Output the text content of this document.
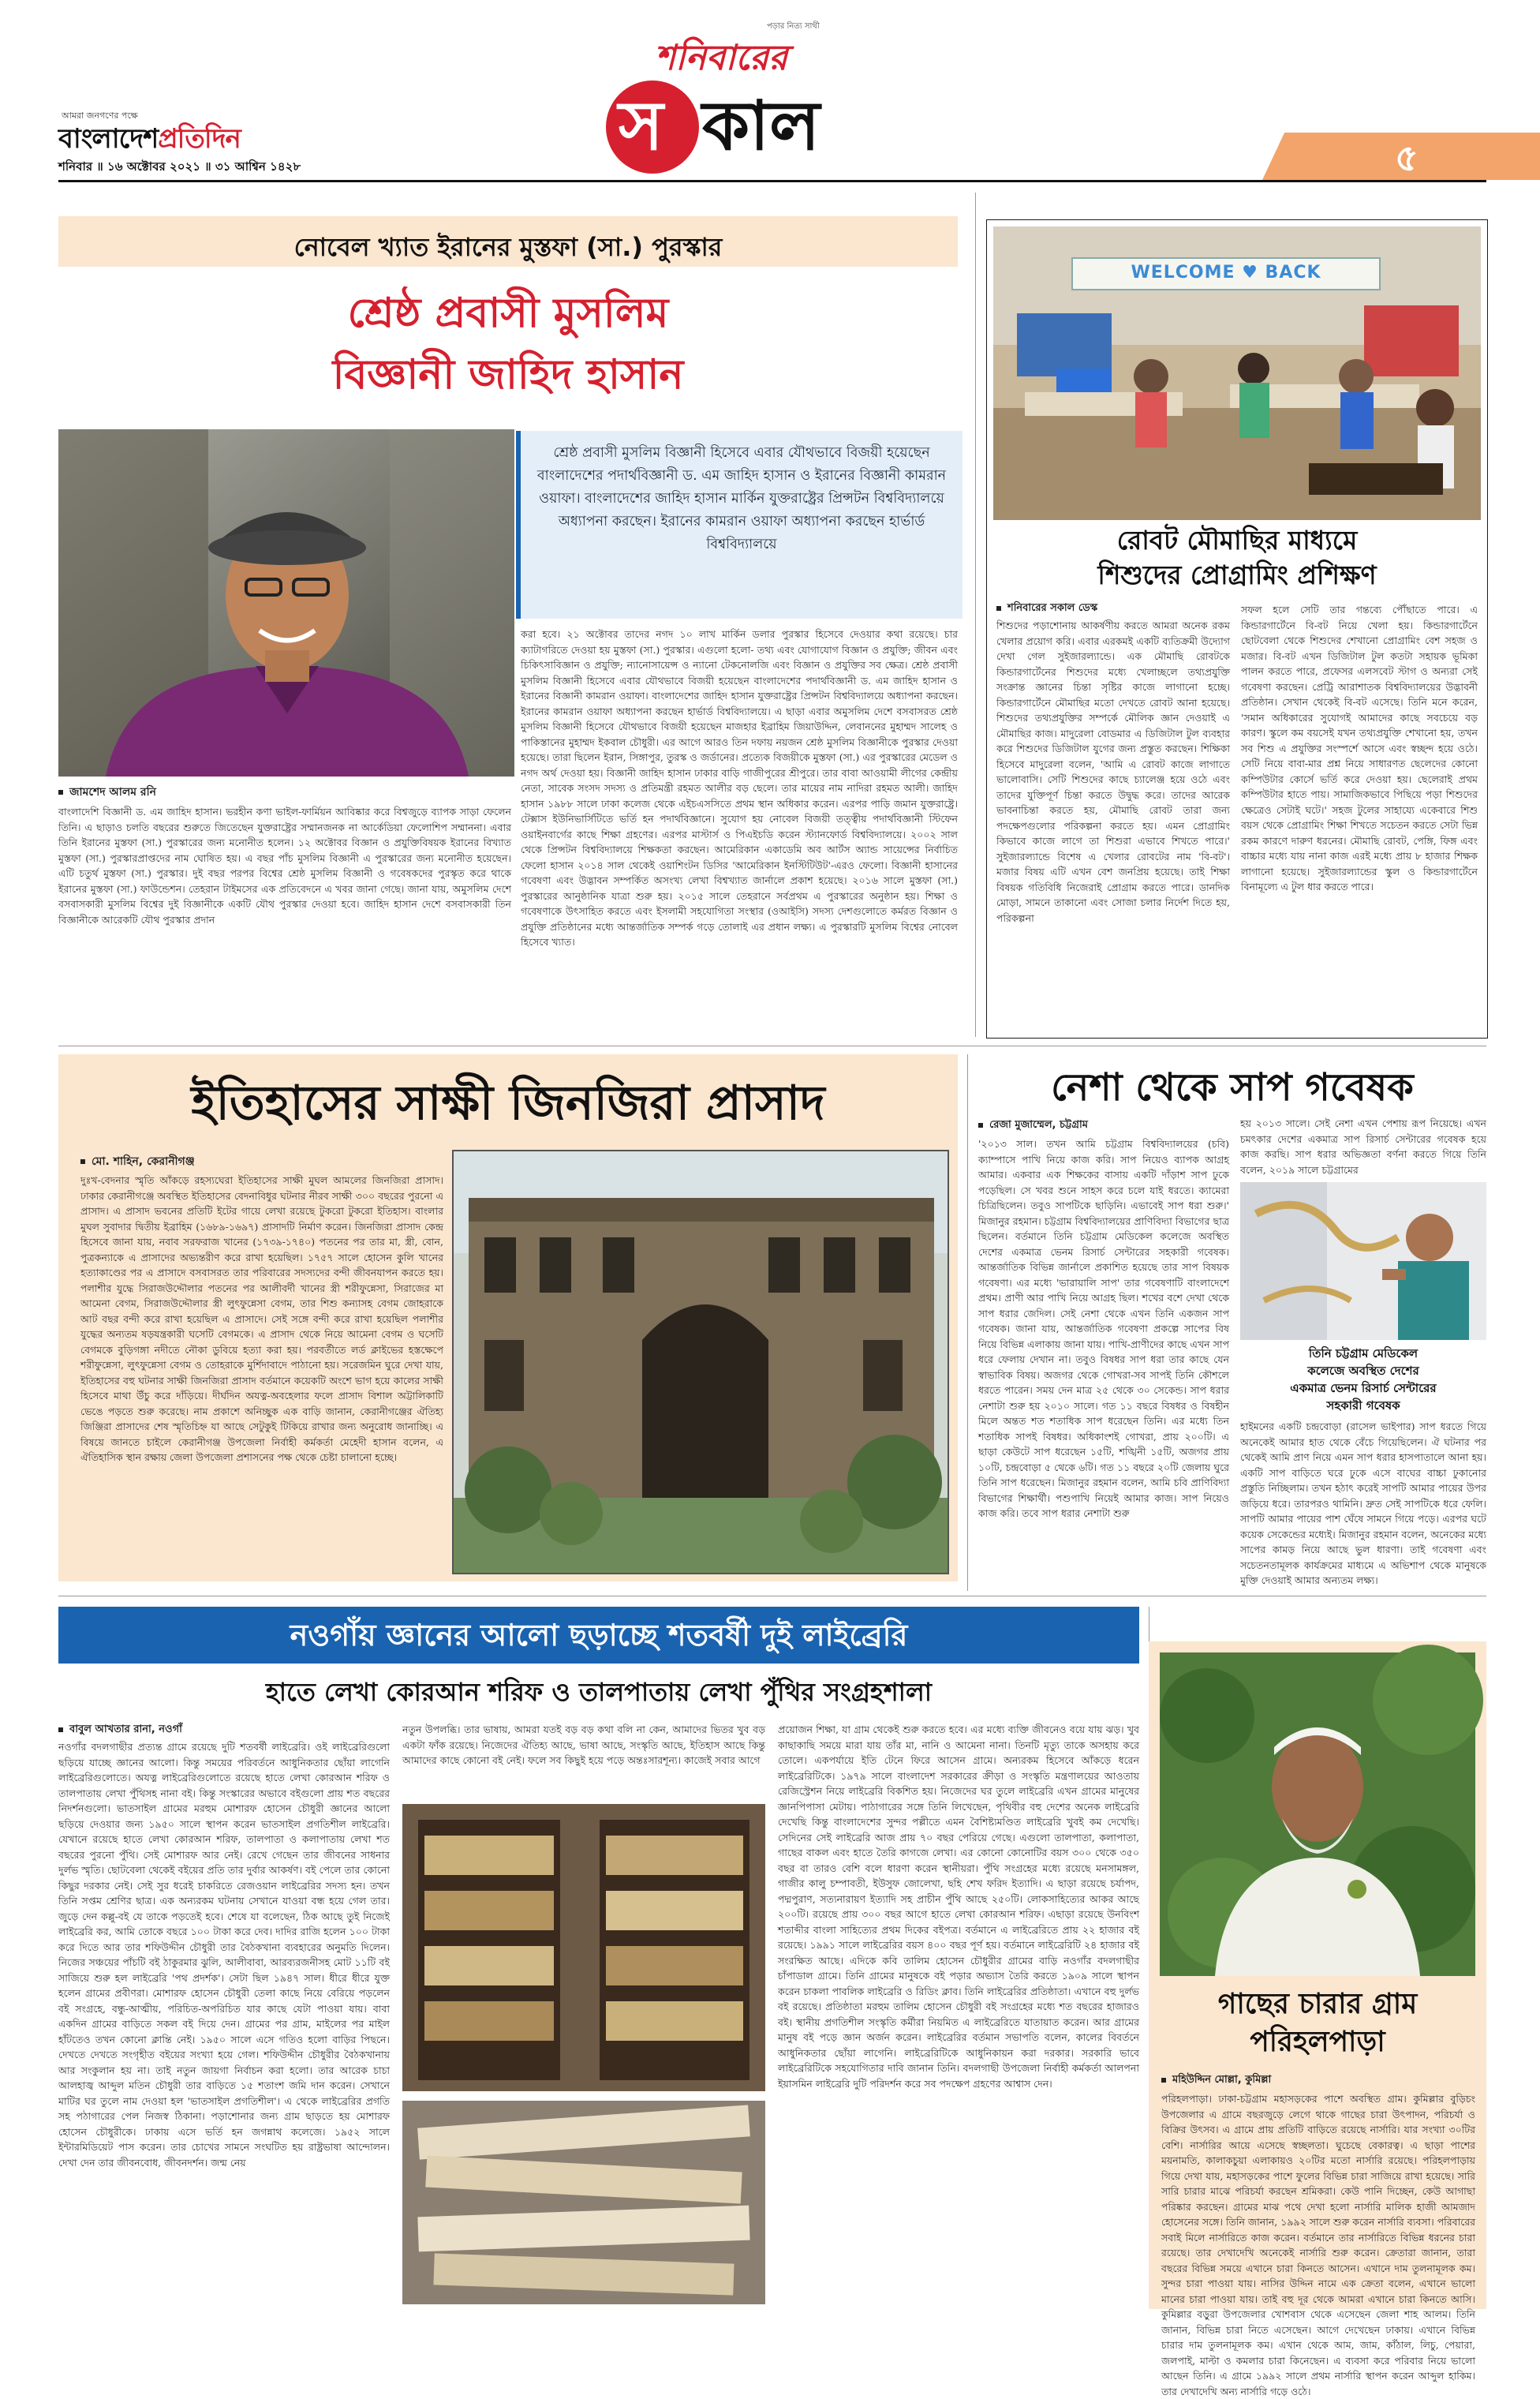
আমরা জনগণের পক্ষে
বাংলাদেশপ্রতিদিন
শনিবার ॥ ১৬ অক্টোবর ২০২১ ॥ ৩১ আশ্বিন ১৪২৮
পড়ার নিত্য সাথী
শনিবারের
স কাল	৫
নোবেল খ্যাত ইরানের মুস্তফা (সা.) পুরস্কার
শ্রেষ্ঠ প্রবাসী মুসলিম
বিজ্ঞানী জাহিদ হাসান
জামশেদ আলম রনি
শ্রেষ্ঠ প্রবাসী মুসলিম বিজ্ঞানী হিসেবে এবার যৌথভাবে বিজয়ী হয়েছেন বাংলাদেশের পদার্থবিজ্ঞানী ড. এম জাহিদ হাসান ও ইরানের বিজ্ঞানী কামরান ওয়াফা। বাংলাদেশের জাহিদ হাসান মার্কিন যুক্তরাষ্ট্রের প্রিন্সটন বিশ্ববিদ্যালয়ে অধ্যাপনা করছেন। ইরানের কামরান ওয়াফা অধ্যাপনা করছেন হার্ভার্ড বিশ্ববিদ্যালয়ে
করা হবে। ২১ অক্টোবর তাদের নগদ ১০ লাখ মার্কিন ডলার পুরস্কার হিসেবে দেওয়ার কথা রয়েছে। চার ক্যাটাগরিতে দেওয়া হয় মুস্তফা (সা.) পুরস্কার। এগুলো হলো- তথ্য এবং যোগাযোগ বিজ্ঞান ও প্রযুক্তি; জীবন এবং চিকিৎসাবিজ্ঞান ও প্রযুক্তি; ন্যানোসায়েন্স ও ন্যানো টেকনোলজি এবং বিজ্ঞান ও প্রযুক্তির সব ক্ষেত্র। শ্রেষ্ঠ প্রবাসী মুসলিম বিজ্ঞানী হিসেবে এবার যৌথভাবে বিজয়ী হয়েছেন বাংলাদেশের পদার্থবিজ্ঞানী ড. এম জাহিদ হাসান ও ইরানের বিজ্ঞানী কামরান ওয়াফা। বাংলাদেশের জাহিদ হাসান যুক্তরাষ্ট্রের প্রিন্সটন বিশ্ববিদ্যালয়ে অধ্যাপনা করছেন। ইরানের কামরান ওয়াফা অধ্যাপনা করছেন হার্ভার্ড বিশ্ববিদ্যালয়ে। এ ছাড়া এবার অমুসলিম দেশে বসবাসরত শ্রেষ্ঠ মুসলিম বিজ্ঞানী হিসেবে যৌথভাবে বিজয়ী হয়েছেন মাজহার ইব্রাহিম জিয়াউদ্দিন, লেবাননের মুহাম্মদ সালেহ ও পাকিস্তানের মুহাম্মদ ইকবাল চৌধুরী। এর আগে আরও তিন দফায় নয়জন শ্রেষ্ঠ মুসলিম বিজ্ঞানীকে পুরস্কার দেওয়া হয়েছে। তারা ছিলেন ইরান, সিঙ্গাপুর, তুরস্ক ও জর্ডানের। প্রত্যেক বিজয়ীকে মুস্তফা (সা.) এর পুরস্কারের মেডেল ও নগদ অর্থ দেওয়া হয়। বিজ্ঞানী জাহিদ হাসান ঢাকার বাড়ি গাজীপুরের শ্রীপুরে। তার বাবা আওয়ামী লীগের কেন্দ্রীয় নেতা, সাবেক সংসদ সদস্য ও প্রতিমন্ত্রী রহমত আলীর বড় ছেলে। তার মায়ের নাম নাদিরা রহমত আলী। জাহিদ হাসান ১৯৮৮ সালে ঢাকা কলেজ থেকে এইচএসসিতে প্রথম স্থান অধিকার করেন। এরপর পাড়ি জমান যুক্তরাষ্ট্রে। টেক্সাস ইউনিভার্সিটিতে ভর্তি হন পদার্থবিজ্ঞানে। সুযোগ হয় নোবেল বিজয়ী তত্ত্বীয় পদার্থবিজ্ঞানী স্টিফেন ওয়াইনবার্গের কাছে শিক্ষা গ্রহণের। এরপর মাস্টার্স ও পিএইচডি করেন স্ট্যানফোর্ড বিশ্ববিদ্যালয়ে। ২০০২ সাল থেকে প্রিন্সটন বিশ্ববিদ্যালয়ে শিক্ষকতা করছেন। আমেরিকান একাডেমি অব আর্টস অ্যান্ড সায়েন্সের নির্বাচিত ফেলো হাসান ২০১৪ সাল থেকেই ওয়াশিংটন ডিসির 'আমেরিকান ইনস্টিটিউট'-এরও ফেলো। বিজ্ঞানী হাসানের গবেষণা এবং উদ্ভাবন সম্পর্কিত অসংখ্য লেখা বিশ্বখ্যাত জার্নালে প্রকাশ হয়েছে। ২০১৬ সালে মুস্তফা (সা.) পুরস্কারের আনুষ্ঠানিক যাত্রা শুরু হয়। ২০১৫ সালে তেহরানে সর্বপ্রথম এ পুরস্কারের অনুষ্ঠান হয়। শিক্ষা ও গবেষণাকে উৎসাহিত করতে এবং ইসলামী সহযোগিতা সংস্থার (ওআইসি) সদস্য দেশগুলোতে কর্মরত বিজ্ঞান ও প্রযুক্তি প্রতিষ্ঠানের মধ্যে আন্তর্জাতিক সম্পর্ক গড়ে তোলাই এর প্রধান লক্ষ্য। এ পুরস্কারটি মুসলিম বিশ্বের নোবেল হিসেবে খ্যাত।
বাংলাদেশি বিজ্ঞানী ড. এম জাহিদ হাসান। ভরহীন কণা ভাইল-ফার্মিয়ন আবিষ্কার করে বিশ্বজুড়ে ব্যাপক সাড়া ফেলেন তিনি। এ ছাড়াও চলতি বছরের শুরুতে জিতেছেন যুক্তরাষ্ট্রের সম্মানজনক না আর্কেডিয়া ফেলোশিপ সম্মাননা। এবার তিনি ইরানের মুস্তফা (সা.) পুরস্কারের জন্য মনোনীত হলেন। ১২ অক্টোবর বিজ্ঞান ও প্রযুক্তিবিষয়ক ইরানের বিখ্যাত মুস্তফা (সা.) পুরস্কারপ্রাপ্তদের নাম ঘোষিত হয়। এ বছর পাঁচ মুসলিম বিজ্ঞানী এ পুরস্কারের জন্য মনোনীত হয়েছেন। এটি চতুর্থ মুস্তফা (সা.) পুরস্কার। দুই বছর পরপর বিশ্বের শ্রেষ্ঠ মুসলিম বিজ্ঞানী ও গবেষকদের পুরস্কৃত করে থাকে ইরানের মুস্তফা (সা.) ফাউন্ডেশন। তেহরান টাইমসের এক প্রতিবেদনে এ খবর জানা গেছে। জানা যায়, অমুসলিম দেশে বসবাসকারী মুসলিম বিশ্বের দুই বিজ্ঞানীকে একটি যৌথ পুরস্কার দেওয়া হবে। জাহিদ হাসান দেশে বসবাসকারী তিন বিজ্ঞানীকে আরেকটি যৌথ পুরস্কার প্রদান
WELCOME ♥ BACK
রোবট মৌমাছির মাধ্যমে
শিশুদের প্রোগ্রামিং প্রশিক্ষণ
শনিবারের সকাল ডেস্ক
শিশুদের পড়াশোনায় আকর্ষণীয় করতে আমরা অনেক রকম খেলার প্রয়োগ করি। এবার এরকমই একটি ব্যতিক্রমী উদ্যোগ দেখা গেল সুইজারল্যান্ডে। এক মৌমাছি রোবটকে কিন্ডারগার্টেনের শিশুদের মধ্যে খেলাচ্ছলে তথ্যপ্রযুক্তি সংক্রান্ত জ্ঞানের চিন্তা সৃষ্টির কাজে লাগানো হচ্ছে। কিন্ডারগার্টেনে মৌমাছির মতো দেখতে রোবট আনা হয়েছে। শিশুদের তথ্যপ্রযুক্তির সম্পর্কে মৌলিক জ্ঞান দেওয়াই এ মৌমাছির কাজ। মাদুরেলা বোডমার এ ডিজিটাল টুল ব্যবহার করে শিশুদের ডিজিটাল যুগের জন্য প্রস্তুত করছেন। শিক্ষিকা হিসেবে মাদুরেলা বলেন, 'আমি এ রোবট কাজে লাগাতে ভালোবাসি। সেটি শিশুদের কাছে চ্যালেঞ্জ হয়ে ওঠে এবং তাদের যুক্তিপূর্ণ চিন্তা করতে উদ্বুদ্ধ করে। তাদের আরেক ভাবনাচিন্তা করতে হয়, মৌমাছি রোবট তারা জন্য পদক্ষেপগুলোর পরিকল্পনা করতে হয়। এমন প্রোগ্রামিং কিভাবে কাজে লাগে তা শিশুরা এভাবে শিখতে পারে।' সুইজারল্যান্ডে বিশেষ এ খেলার রোবটের নাম 'বি-বট'। মজার বিষয় এটি এখন বেশ জনপ্রিয় হয়েছে। তাই শিক্ষা বিষয়ক গতিবিধি নিজেরাই প্রোগ্রাম করতে পারে। ডানদিক মোড়া, সামনে তাকানো এবং সোজা চলার নির্দেশ দিতে হয়, পরিকল্পনা
সফল হলে সেটি তার গন্তব্যে পৌঁছাতে পারে। এ কিন্ডারগার্টেনে বি-বট নিয়ে খেলা হয়। কিন্ডারগার্টেনে ছোটবেলা থেকে শিশুদের শেখানো প্রোগ্রামিং বেশ সহজ ও মজার। বি-বট এখন ডিজিটাল টুল কতটা সহায়ক ভূমিকা পালন করতে পারে, প্রফেসর এলসবেট স্টাগ ও অন্যরা সেই গবেষণা করছেন। প্রেট্রি আরাশাতক বিশ্ববিদ্যালয়ের উদ্ভাবনী প্রতিষ্ঠান। সেখান থেকেই বি-বট এসেছে। তিনি মনে করেন, 'সমান অধিকারের সুযোগই আমাদের কাছে সবচেয়ে বড় কারণ। স্কুলে কম বয়সেই যখন তথ্যপ্রযুক্তি শেখানো হয়, তখন সব শিশু এ প্রযুক্তির সংস্পর্শে আসে এবং স্বচ্ছন্দ হয়ে ওঠে। সেটি নিয়ে বাবা-মার প্রশ্ন নিয়ে সাধারণত ছেলেদের কোনো কম্পিউটার কোর্সে ভর্তি করে দেওয়া হয়। ছেলেরাই প্রথম কম্পিউটার হাতে পায়। সামাজিকভাবে পিছিয়ে পড়া শিশুদের ক্ষেত্রেও সেটাই ঘটে।' সহজ টুলের সাহায্যে একেবারে শিশু বয়স থেকে প্রোগ্রামিং শিক্ষা শিখতে সচেতন করতে সেটা ভিন্ন রকম কারণে দারুণ ধরনের। মৌমাছি রোবট, পেঙ্গি, ফিঙ্গ এবং বাচ্চার মধ্যে যায় নানা কাজ এরই মধ্যে প্রায় ৮ হাজার শিক্ষক লাগানো হয়েছে। সুইজারল্যান্ডের স্কুল ও কিন্ডারগার্টেনে বিনামূল্যে এ টুল ধার করতে পারে।
ইতিহাসের সাক্ষী জিনজিরা প্রাসাদ
মো. শাহিন, কেরানীগঞ্জ
দুঃখ-বেদনার স্মৃতি আঁকড়ে রহস্যঘেরা ইতিহাসের সাক্ষী মুঘল আমলের জিনজিরা প্রাসাদ। ঢাকার কেরানীগঞ্জে অবস্থিত ইতিহাসের বেদনাবিধুর ঘটনার নীরব সাক্ষী ৩০০ বছরের পুরনো এ প্রাসাদ। এ প্রাসাদ ভবনের প্রতিটি ইটের গায়ে লেখা রয়েছে টুকরো টুকরো ইতিহাস। বাংলার মুঘল সুবাদার দ্বিতীয় ইব্রাহিম (১৬৮৯-১৬৯৭) প্রাসাদটি নির্মাণ করেন। জিনজিরা প্রাসাদ কেন্দ্র হিসেবে জানা যায়, নবাব সরফরাজ খানের (১৭৩৯-১৭৪০) পতনের পর তার মা, স্ত্রী, বোন, পুত্রকন্যাকে এ প্রাসাদের অভ্যন্তরীণ করে রাখা হয়েছিল। ১৭৫৭ সালে হোসেন কুলি খানের হত্যাকাণ্ডের পর এ প্রাসাদে বসবাসরত তার পরিবারের সদস্যদের বন্দী জীবনযাপন করতে হয়। পলাশীর যুদ্ধে সিরাজউদ্দৌলার পতনের পর আলীবর্দী খানের স্ত্রী শরীফুন্নেসা, সিরাজের মা আমেনা বেগম, সিরাজউদ্দৌলার স্ত্রী লুৎফুন্নেসা বেগম, তার শিশু কন্যাসহ বেগম জোহরাকে আট বছর বন্দী করে রাখা হয়েছিল এ প্রাসাদে। সেই সঙ্গে বন্দী করে রাখা হয়েছিল পলাশীর যুদ্ধের অন্যতম ষড়যন্ত্রকারী ঘসেটি বেগমকে। এ প্রাসাদ থেকে নিয়ে আমেনা বেগম ও ঘসেটি বেগমকে বুড়িগঙ্গা নদীতে নৌকা ডুবিয়ে হত্যা করা হয়। পরবর্তীতে লর্ড ক্লাইভের হস্তক্ষেপে শরীফুন্নেসা, লুৎফুন্নেসা বেগম ও তোহরাকে মুর্শিদাবাদে পাঠানো হয়। সরেজমিন ঘুরে দেখা যায়, ইতিহাসের বহু ঘটনার সাক্ষী জিনজিরা প্রাসাদ বর্তমানে কয়েকটি অংশে ভাগ হয়ে কালের সাক্ষী হিসেবে মাথা উঁচু করে দাঁড়িয়ে। দীর্ঘদিন অযত্ন-অবহেলার ফলে প্রাসাদ বিশাল অট্টালিকাটি ভেঙে পড়তে শুরু করেছে। নাম প্রকাশে অনিচ্ছুক এক বাড়ি জানান, কেরানীগঞ্জের ঐতিহ্য জিঞ্জিরা প্রাসাদের শেষ স্মৃতিচিহ্ন যা আছে সেটুকুই টিকিয়ে রাখার জন্য অনুরোধ জানাচ্ছি। এ বিষয়ে জানতে চাইলে কেরানীগঞ্জ উপজেলা নির্বাহী কর্মকর্তা মেহেদী হাসান বলেন, এ ঐতিহাসিক স্থান রক্ষায় জেলা উপজেলা প্রশাসনের পক্ষ থেকে চেষ্টা চালানো হচ্ছে।
নেশা থেকে সাপ গবেষক
রেজা মুজাম্মেল, চট্টগ্রাম
'২০১৩ সাল। তখন আমি চট্টগ্রাম বিশ্ববিদ্যালয়ের (চবি) ক্যাম্পাসে পাখি নিয়ে কাজ করি। সাপ নিয়েও ব্যাপক আগ্রহ আমার। একবার এক শিক্ষকের বাসায় একটি দাঁড়াশ সাপ ঢুকে পড়েছিল। সে খবর শুনে সাহস করে চলে যাই ধরতে। ক্যামেরা চিত্রিছিলেন। তবুও সাপটিকে ছাড়িনি। এভাবেই সাপ ধরা শুরু।' মিজানুর রহমান। চট্টগ্রাম বিশ্ববিদ্যালয়ের প্রাণিবিদ্যা বিভাগের ছাত্র ছিলেন। বর্তমানে তিনি চট্টগ্রাম মেডিকেল কলেজে অবস্থিত দেশের একমাত্র ভেনম রিসার্চ সেন্টারের সহকারী গবেষক। আন্তর্জাতিক বিভিন্ন জার্নালে প্রকাশিত হয়েছে তার সাপ বিষয়ক গবেষণা। এর মধ্যে 'ভারায়ালি সাপ' তার গবেষণাটি বাংলাদেশে প্রথম। প্রাণী আর পাখি নিয়ে আগ্রহ ছিল। শখের বশে দেখা থেকে সাপ ধরার জেদিল। সেই নেশা থেকে এখন তিনি একজন সাপ গবেষক। জানা যায়, আন্তর্জাতিক গবেষণা প্রকল্পে সাপের বিষ নিয়ে বিভিন্ন এলাকায় জানা যায়। পাখি-প্রাণীদের কাছে এখন সাপ ধরে ফেলায় দেখান না। তবুও বিষধর সাপ ধরা তার কাছে যেন স্বাভাবিক বিষয়। অজগর থেকে গোখরা-সব সাপই তিনি কৌশলে ধরতে পারেন। সময় দেন মাত্র ২৫ থেকে ৩০ সেকেন্ড। সাপ ধরার নেশাটা শুরু হয় ২০১০ সালে। গত ১১ বছরে বিষধর ও বিষহীন মিলে অন্তত শত শতাধিক সাপ ধরেছেন তিনি। এর মধ্যে তিন শতাধিক সাপই বিষধর। অধিকাংশই গোখরা, প্রায় ২০০টি। এ ছাড়া কেউটে সাপ ধরেছেন ১৫টি, শঙ্খিনী ১৫টি, অজগর প্রায় ১০টি, চন্দ্রবোড়া ৫ থেকে ৬টি। গত ১১ বছরে ২০টি জেলায় ঘুরে তিনি সাপ ধরেছেন। মিজানুর রহমান বলেন, আমি চবি প্রাণিবিদ্যা বিভাগের শিক্ষার্থী। পশুপাখি নিয়েই আমার কাজ। সাপ নিয়েও কাজ করি। তবে সাপ ধরার নেশাটা শুরু
হয় ২০১৩ সালে। সেই নেশা এখন পেশায় রূপ নিয়েছে। এখন চমৎকার দেশের একমাত্র সাপ রিসার্চ সেন্টারের গবেষক হয়ে কাজ করছি। সাপ ধরার অভিজ্ঞতা বর্ণনা করতে গিয়ে তিনি বলেন, ২০১৯ সালে চট্টগ্রামের
তিনি চট্টগ্রাম মেডিকেল
কলেজে অবস্থিত দেশের
একমাত্র ভেনম রিসার্চ সেন্টারের
সহকারী গবেষক
হাইমনের একটি চন্দ্রবোড়া (রাসেল ভাইপার) সাপ ধরতে গিয়ে অনেকেই আমার হাত থেকে বেঁচে গিয়েছিলেন। ঐ ঘটনার পর থেকেই আমি প্রাণ নিয়ে এমন সাপ ধরার হাসপাতালে আনা হয়। একটি সাপ বাড়িতে ঘরে ঢুকে এসে বাঘের বাচ্চা ঢুকানোর প্রস্তুতি নিচ্ছিলাম। তখন হঠাৎ করেই সাপটি আমার পায়ের উপর জড়িয়ে ধরে। তারপরও থামিনি। দ্রুত সেই সাপটিকে ধরে ফেলি। সাপটি আমার পায়ের পাশ ঘেঁষে সামনে গিয়ে পড়ে। এরপর ঘটে কয়েক সেকেন্ডের মধ্যেই। মিজানুর রহমান বলেন, অনেকের মধ্যে সাপের কামড় নিয়ে আছে ভুল ধারণা। তাই গবেষণা এবং সচেতনতামূলক কার্যক্রমের মাধ্যমে এ অভিশাপ থেকে মানুষকে মুক্তি দেওয়াই আমার অন্যতম লক্ষ্য।
নওগাঁয় জ্ঞানের আলো ছড়াচ্ছে শতবর্ষী দুই লাইব্রেরি
হাতে লেখা কোরআন শরিফ ও তালপাতায় লেখা পুঁথির সংগ্রহশালা
বাবুল আখতার রানা, নওগাঁ
নওগাঁর বদলগাছীর প্রত্যন্ত গ্রামে রয়েছে দুটি শতবর্ষী লাইব্রেরি। ওই লাইব্রেরিগুলো ছড়িয়ে যাচ্ছে জ্ঞানের আলো। কিন্তু সময়ের পরিবর্তনে আধুনিকতার ছোঁয়া লাগেনি লাইব্রেরিগুলোতে। অযত্ন লাইব্রেরিগুলোতে রয়েছে হাতে লেখা কোরআন শরিফ ও তালপাতায় লেখা পুঁথিসহ নানা বই। কিন্তু সংস্কারের অভাবে বইগুলো প্রায় শত বছরের নিদর্শনগুলো। ভাতসাইল গ্রামের মরহুম মোশারফ হোসেন চৌধুরী জ্ঞানের আলো ছড়িয়ে দেওয়ার জন্য ১৯৫০ সালে স্থাপন করেন ভাতসাইল প্রগতিশীল লাইব্রেরি। যেখানে রয়েছে হাতে লেখা কোরআন শরিফ, তালপাতা ও কলাপাতায় লেখা শত বছরের পুরনো পুঁথি। সেই মোশারফ আর নেই। রেখে গেছেন তার জীবনের সাধনার দুর্লভ স্মৃতি। ছোটবেলা থেকেই বইয়ের প্রতি তার দুর্বার আকর্ষণ। বই পেলে তার কোনো কিছুর দরকার নেই। সেই সুর ধরেই চাকরিতে রেজওয়ান লাইব্রেরির সদস্য হন। তখন তিনি সপ্তম শ্রেণির ছাত্র। এক অন্যরকম ঘটনায় সেখানে যাওয়া বন্ধ হয়ে গেল তার। জুড়ে দেন কল্লু-বই যে তাকে পড়তেই হবে। শেষে যা বলেছেন, ঠিক আছে তুই নিজেই লাইব্রেরি কর, আমি তোকে বছরে ১০০ টাকা করে দেব। দাদির রাজি হলেন ১০০ টাকা করে দিতে আর তার শফিউদ্দীন চৌধুরী তার বৈঠকখানা ব্যবহারের অনুমতি দিলেন। নিজের সঞ্চয়ের পাঁচটি বই ঠাকুরমার ঝুলি, আলীবাবা, আরব্যরজনীসহ মোট ১১টি বই সাজিয়ে শুরু হল লাইব্রেরি 'পথ প্রদর্শক'। সেটা ছিল ১৯৪৭ সাল। ধীরে ধীরে যুক্ত হলেন গ্রামের প্রবীণরা। মোশারফ হোসেন চৌধুরী তেলা কাছে নিয়ে বেরিয়ে পড়লেন বই সংগ্রহে, বন্ধু-আত্মীয়, পরিচিত-অপরিচিত যার কাছে যেটা পাওয়া যায়। বাবা একদিন গ্রামের বাড়িতে সকল বই দিয়ে দেন। গ্রামের পর গ্রাম, মাইলের পর মাইল হাঁটতেও তখন কোনো ক্লান্তি নেই। ১৯৫০ সালে এসে গতিও হলো বাড়ির পিছনে। দেখতে দেখতে সংগৃহীত বইয়ের সংখ্যা হয়ে গেল। শফিউদ্দীন চৌধুরীর বৈঠকখানায় আর সংকুলান হয় না। তাই নতুন জায়গা নির্বাচন করা হলো। তার আরেক চাচা আলহাজ্ব আব্দুল মতিন চৌধুরী তার বাড়িতে ১৫ শতাংশ জমি দান করেন। সেখানে মাটির ঘর তুলে নাম দেওয়া হল 'ভাতসাইল প্রগতিশীল'। এ থেকে লাইব্রেরির প্রগতি সহ পঠাগারের পেল নিজস্ব ঠিকানা। পড়াশোনার জন্য গ্রাম ছাড়তে হয় মোশারফ হোসেন চৌধুরীকে। ঢাকায় এসে ভর্তি হন জগন্নাথ কলেজে। ১৯৫২ সালে ইন্টারমিডিয়েট পাস করেন। তার চোখের সামনে সংঘটিত হয় রাষ্ট্রভাষা আন্দোলন। দেখা দেন তার জীবনবোধ, জীবনদর্শন। জন্ম নেয়
নতুন উপলব্ধি। তার ভাষায়, আমরা যতই বড় বড় কথা বলি না কেন, আমাদের ভিতর খুব বড় একটা ফাঁক রয়েছে। নিজেদের ঐতিহ্য আছে, ভাষা আছে, সংস্কৃতি আছে, ইতিহাস আছে কিন্তু আমাদের কাছে কোনো বই নেই। ফলে সব কিছুই হয়ে পড়ে অন্তঃসারশূন্য। কাজেই সবার আগে
প্রয়োজন শিক্ষা, যা গ্রাম থেকেই শুরু করতে হবে। এর মধ্যে ব্যক্তি জীবনেও বয়ে যায় ঝড়। খুব কাছাকাছি সময়ে মারা যায় তাঁর মা, নানি ও আমেনা নানা। তিনটি মৃত্যু তাকে অসহায় করে তোলে। একপর্যায়ে ইতি টেনে ফিরে আসেন গ্রামে। অন্যরকম হিসেবে আঁকড়ে ধরেন লাইব্রেরিটিকে। ১৯৭৯ সালে বাংলাদেশ সরকারের ক্রীড়া ও সংস্কৃতি মন্ত্রণালয়ের আওতায় রেজিস্ট্রেশন নিয়ে লাইব্রেরি বিকশিত হয়। নিজেদের ঘর তুলে লাইব্রেরি এখন গ্রামের মানুষের জ্ঞানপিপাসা মেটায়। পাঠাগারের সঙ্গে তিনি লিখেছেন, পৃথিবীর বহু দেশের অনেক লাইব্রেরি দেখেছি কিন্তু বাংলাদেশের সুন্দর পল্লীতে এমন বৈশিষ্ট্যমণ্ডিত লাইব্রেরি খুবই কম দেখেছি। সেদিনের সেই লাইব্রেরি আজ প্রায় ৭০ বছর পেরিয়ে গেছে। এগুলো তালপাতা, কলাপাতা, গাছের বাকল এবং হাতে তৈরি কাগজে লেখা। এর কোনো কোনোটির বয়স ৩০০ থেকে ৩৫০ বছর বা তারও বেশি বলে ধারণা করেন স্থানীয়রা। পুঁথি সংগ্রহের মধ্যে রয়েছে মনসামঙ্গল, গাজীর কালু চম্পাবতী, ইউসুফ জোলেখা, ছহি শেখ ফরিদ ইত্যাদি। এ ছাড়া রয়েছে চর্যাপদ, পদ্মপুরাণ, সত্যনারায়ণ ইত্যাদি সহ প্রাচীন পুঁথি আছে ২৫০টি। লোকসাহিত্যের আকর আছে ২০০টি। রয়েছে প্রায় ৩০০ বছর আগে হাতে লেখা কোরআন শরিফ। এছাড়া রয়েছে উনবিংশ শতাব্দীর বাংলা সাহিত্যের প্রথম দিকের বইপত্র। বর্তমানে এ লাইব্রেরিতে প্রায় ২২ হাজার বই রয়েছে। ১৯৯১ সালে লাইব্রেরির বয়স ৪০০ বছর পূর্ণ হয়। বর্তমানে লাইব্রেরিটি ২৪ হাজার বই সংরক্ষিত আছে। এদিকে কবি তালিম হোসেন চৌধুরীর গ্রামের বাড়ি নওগাঁর বদলগাছীর চাঁপাডাল গ্রামে। তিনি গ্রামের মানুষকে বই পড়ার অভ্যাস তৈরি করতে ১৯০৯ সালে স্থাপন করেন চাকলা পাবলিক লাইব্রেরি ও রিডিং ক্লাব। তিনি লাইব্রেরির প্রতিষ্ঠাতা। এখানে বহু দুর্লভ বই রয়েছে। প্রতিষ্ঠাতা মরহুম তালিম হোসেন চৌধুরী বই সংগ্রহের মধ্যে শত বছরের হাজারও বই। স্থানীয় প্রগতিশীল সংস্কৃতি কর্মীরা নিয়মিত এ লাইব্রেরিতে যাতায়াত করেন। আর গ্রামের মানুষ বই পড়ে জ্ঞান অর্জন করেন। লাইব্রেরির বর্তমান সভাপতি বলেন, কালের বিবর্তনে আধুনিকতার ছোঁয়া লাগেনি। লাইব্রেরিটিকে আধুনিকায়ন করা দরকার। সরকারি ভাবে লাইব্রেরিটিকে সহযোগিতার দাবি জানান তিনি। বদলগাছী উপজেলা নির্বাহী কর্মকর্তা আলপনা ইয়াসমিন লাইব্রেরি দুটি পরিদর্শন করে সব পদক্ষেপ গ্রহণের আশ্বাস দেন।
গাছের চারার গ্রাম
পরিহলপাড়া
মহিউদ্দিন মোল্লা, কুমিল্লা
পরিহলপাড়া। ঢাকা-চট্টগ্রাম মহাসড়কের পাশে অবস্থিত গ্রাম। কুমিল্লার বুড়িচং উপজেলার এ গ্রামে বছরজুড়ে লেগে থাকে গাছের চারা উৎপাদন, পরিচর্যা ও বিক্রির উৎসব। এ গ্রামে প্রায় প্রতিটি বাড়িতে রয়েছে নার্সারি। যার সংখ্যা ৩০টির বেশি। নার্সারির আয়ে এসেছে স্বচ্ছলতা। ঘুচেছে বেকারত্ব। এ ছাড়া পাশের ময়নামতি, কালাকচুয়া এলাকায়ও ২০টির মতো নার্সারি রয়েছে। পরিহলপাড়ায় গিয়ে দেখা যায়, মহাসড়কের পাশে ফুলের বিভিন্ন চারা সাজিয়ে রাখা হয়েছে। সারি সারি চারার মাঝে পরিচর্যা করছেন শ্রমিকরা। কেউ পানি দিচ্ছেন, কেউ আগাছা পরিষ্কার করছেন। গ্রামের মাঝ পথে দেখা হলো নার্সারি মালিক হাজী আমজাদ হোসেনের সঙ্গে। তিনি জানান, ১৯৯২ সালে শুরু করেন নার্সারি ব্যবসা। পরিবারের সবাই মিলে নার্সারিতে কাজ করেন। বর্তমানে তার নার্সারিতে বিভিন্ন ধরনের চারা রয়েছে। তার দেখাদেখি অনেকেই নার্সারি শুরু করেন। ক্রেতারা জানান, তারা বছরের বিভিন্ন সময়ে এখানে চারা কিনতে আসেন। এখানে দাম তুলনামূলক কম। সুন্দর চারা পাওয়া যায়। নাসির উদ্দিন নামে এক ক্রেতা বলেন, এখানে ভালো মানের চারা পাওয়া যায়। তাই বহু দূর থেকে আমরা এখানে চারা কিনতে আসি। কুমিল্লার বড়ুরা উপজেলার খোশবাস থেকে এসেছেন জেলা শাহ আলম। তিনি জানান, বিভিন্ন চারা নিতে এসেছেন। আগে দেখেছেন ঢাকায়। এখানে বিভিন্ন চারার দাম তুলনামূলক কম। এখান থেকে আম, জাম, কাঁঠাল, লিচু, পেয়ারা, জলপাই, মাল্টা ও কমলার চারা কিনেছেন। এ ব্যবসা করে পরিবার নিয়ে ভালো আছেন তিনি। এ গ্রামে ১৯৯২ সালে প্রথম নার্সারি স্থাপন করেন আব্দুল হাকিম। তার দেখাদেখি অন্য নার্সারি গড়ে ওঠে।
